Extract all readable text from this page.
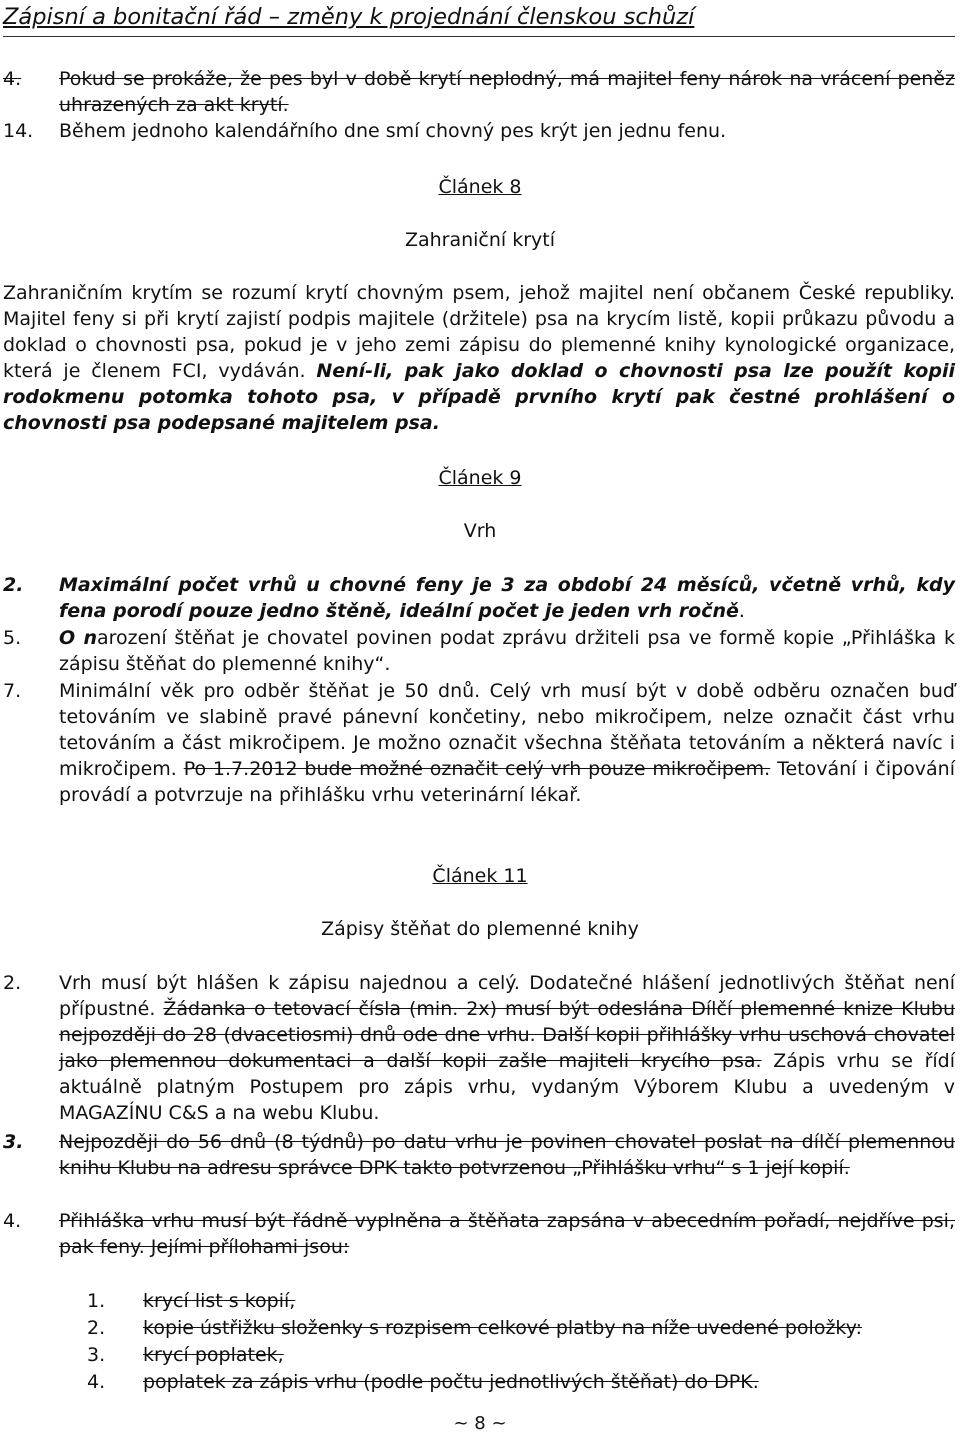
Zápisní a bonitační řád – změny k projednání členskou schůzí
4. Pokud se prokáže, že pes byl v době krytí neplodný, má majitel feny nárok na vrácení peněz uhrazených za akt krytí.
14. Během jednoho kalendářního dne smí chovný pes krýt jen jednu fenu.
Článek 8
Zahraniční krytí
Zahraničním krytím se rozumí krytí chovným psem, jehož majitel není občanem České republiky. Majitel feny si při krytí zajistí podpis majitele (držitele) psa na krycím listě, kopii průkazu původu a doklad o chovnosti psa, pokud je v jeho zemi zápisu do plemenné knihy kynologické organizace, která je členem FCI, vydáván. Není-li, pak jako doklad o chovnosti psa lze použít kopii rodokmenu potomka tohoto psa, v případě prvního krytí pak čestné prohlášení o chovnosti psa podepsané majitelem psa.
Článek 9
Vrh
2. Maximální počet vrhů u chovné feny je 3 za období 24 měsíců, včetně vrhů, kdy fena porodí pouze jedno štěně, ideální počet je jeden vrh ročně.
5. O narození štěňat je chovatel povinen podat zprávu držiteli psa ve formě kopie „Přihláška k zápisu štěňat do plemenné knihy“.
7. Minimální věk pro odběr štěňat je 50 dnů. Celý vrh musí být v době odběru označen buď tetováním ve slabině pravé pánevní končetiny, nebo mikročipem, nelze označit část vrhu tetováním a část mikročipem. Je možno označit všechna štěňata tetováním a některá navíc i mikročipem. Po 1.7.2012 bude možné označit celý vrh pouze mikročipem. Tetování i čipování provádí a potvrzuje na přihlášku vrhu veterinární lékař.
Článek 11
Zápisy štěňat do plemenné knihy
2. Vrh musí být hlášen k zápisu najednou a celý. Dodatečné hlášení jednotlivých štěňat není přípustné. Žádanka o tetovací čísla (min. 2x) musí být odeslána Dílčí plemenné knize Klubu nejpozději do 28 (dvacetiosmi) dnů ode dne vrhu. Další kopii přihlášky vrhu uschová chovatel jako plemennou dokumentaci a další kopii zašle majiteli krycího psa. Zápis vrhu se řídí aktuálně platným Postupem pro zápis vrhu, vydaným Výborem Klubu a uvedeným v MAGAZÍNU C&S a na webu Klubu.
3. Nejpozději do 56 dnů (8 týdnů) po datu vrhu je povinen chovatel poslat na dílčí plemennou knihu Klubu na adresu správce DPK takto potvrzenou „Přihlášku vrhu“ s 1 její kopií.
4. Přihláška vrhu musí být řádně vyplněna a štěňata zapsána v abecedním pořadí, nejdříve psi, pak feny. Jejími přílohami jsou:
1. krycí list s kopií,
2. kopie ústřižku složenky s rozpisem celkové platby na níže uvedené položky:
3. krycí poplatek,
4. poplatek za zápis vrhu (podle počtu jednotlivých štěňat) do DPK.
~ 8 ~
